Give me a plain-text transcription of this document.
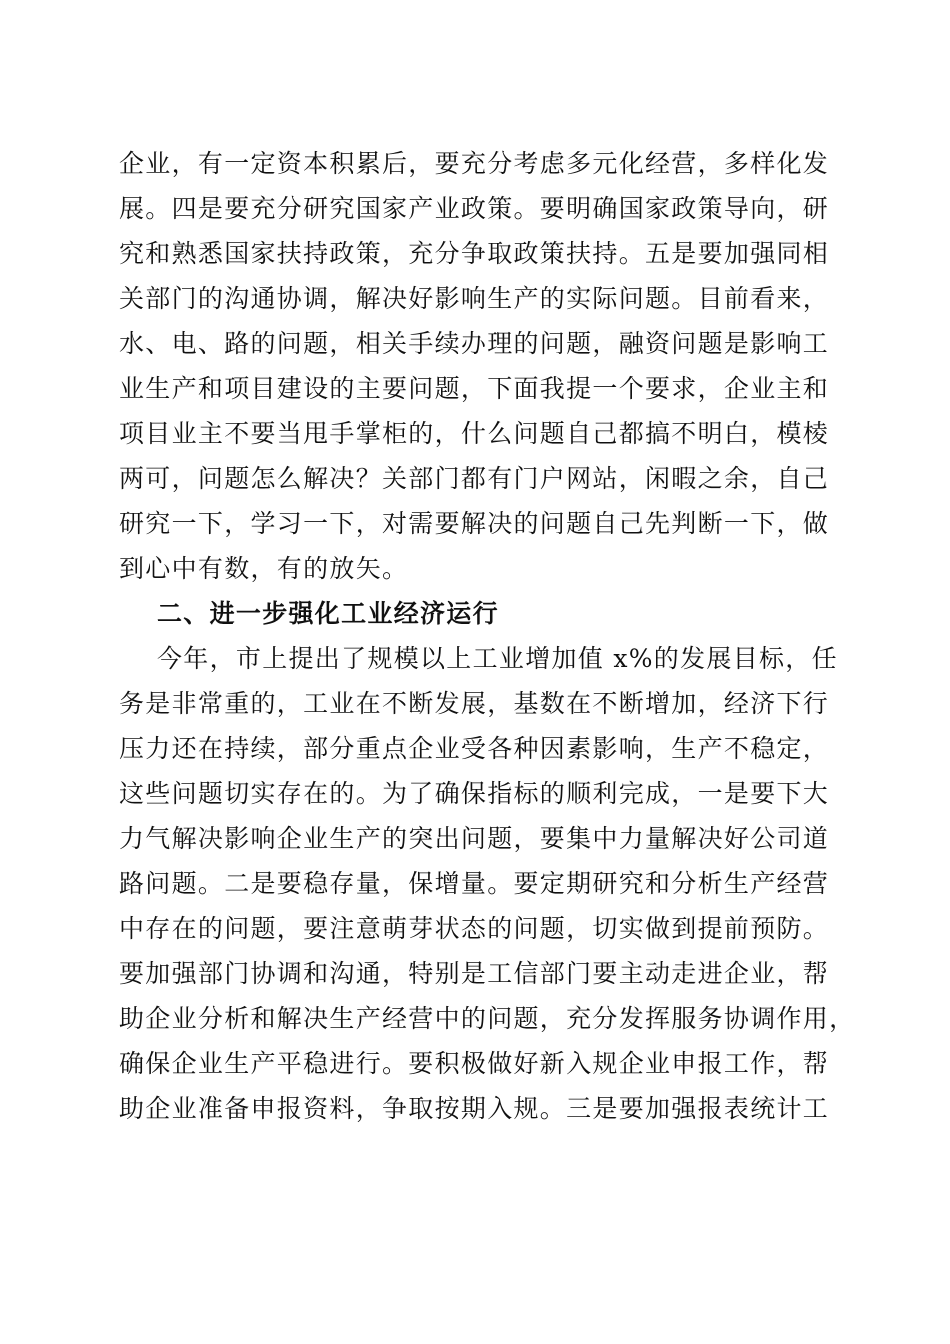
企业，有一定资本积累后，要充分考虑多元化经营，多样化发
展。四是要充分研究国家产业政策。要明确国家政策导向，研
究和熟悉国家扶持政策，充分争取政策扶持。五是要加强同相
关部门的沟通协调，解决好影响生产的实际问题。目前看来，
水、电、路的问题，相关手续办理的问题，融资问题是影响工
业生产和项目建设的主要问题，下面我提一个要求，企业主和
项目业主不要当甩手掌柜的，什么问题自己都搞不明白，模棱
两可，问题怎么解决？关部门都有门户网站，闲暇之余，自己
研究一下，学习一下，对需要解决的问题自己先判断一下，做
到心中有数，有的放矢。
二、进一步强化工业经济运行
今年，市上提出了规模以上工业增加值 x%的发展目标，任
务是非常重的，工业在不断发展，基数在不断增加，经济下行
压力还在持续，部分重点企业受各种因素影响，生产不稳定，
这些问题切实存在的。为了确保指标的顺利完成，一是要下大
力气解决影响企业生产的突出问题，要集中力量解决好公司道
路问题。二是要稳存量，保增量。要定期研究和分析生产经营
中存在的问题，要注意萌芽状态的问题，切实做到提前预防。
要加强部门协调和沟通，特别是工信部门要主动走进企业，帮
助企业分析和解决生产经营中的问题，充分发挥服务协调作用，
确保企业生产平稳进行。要积极做好新入规企业申报工作，帮
助企业准备申报资料，争取按期入规。三是要加强报表统计工
